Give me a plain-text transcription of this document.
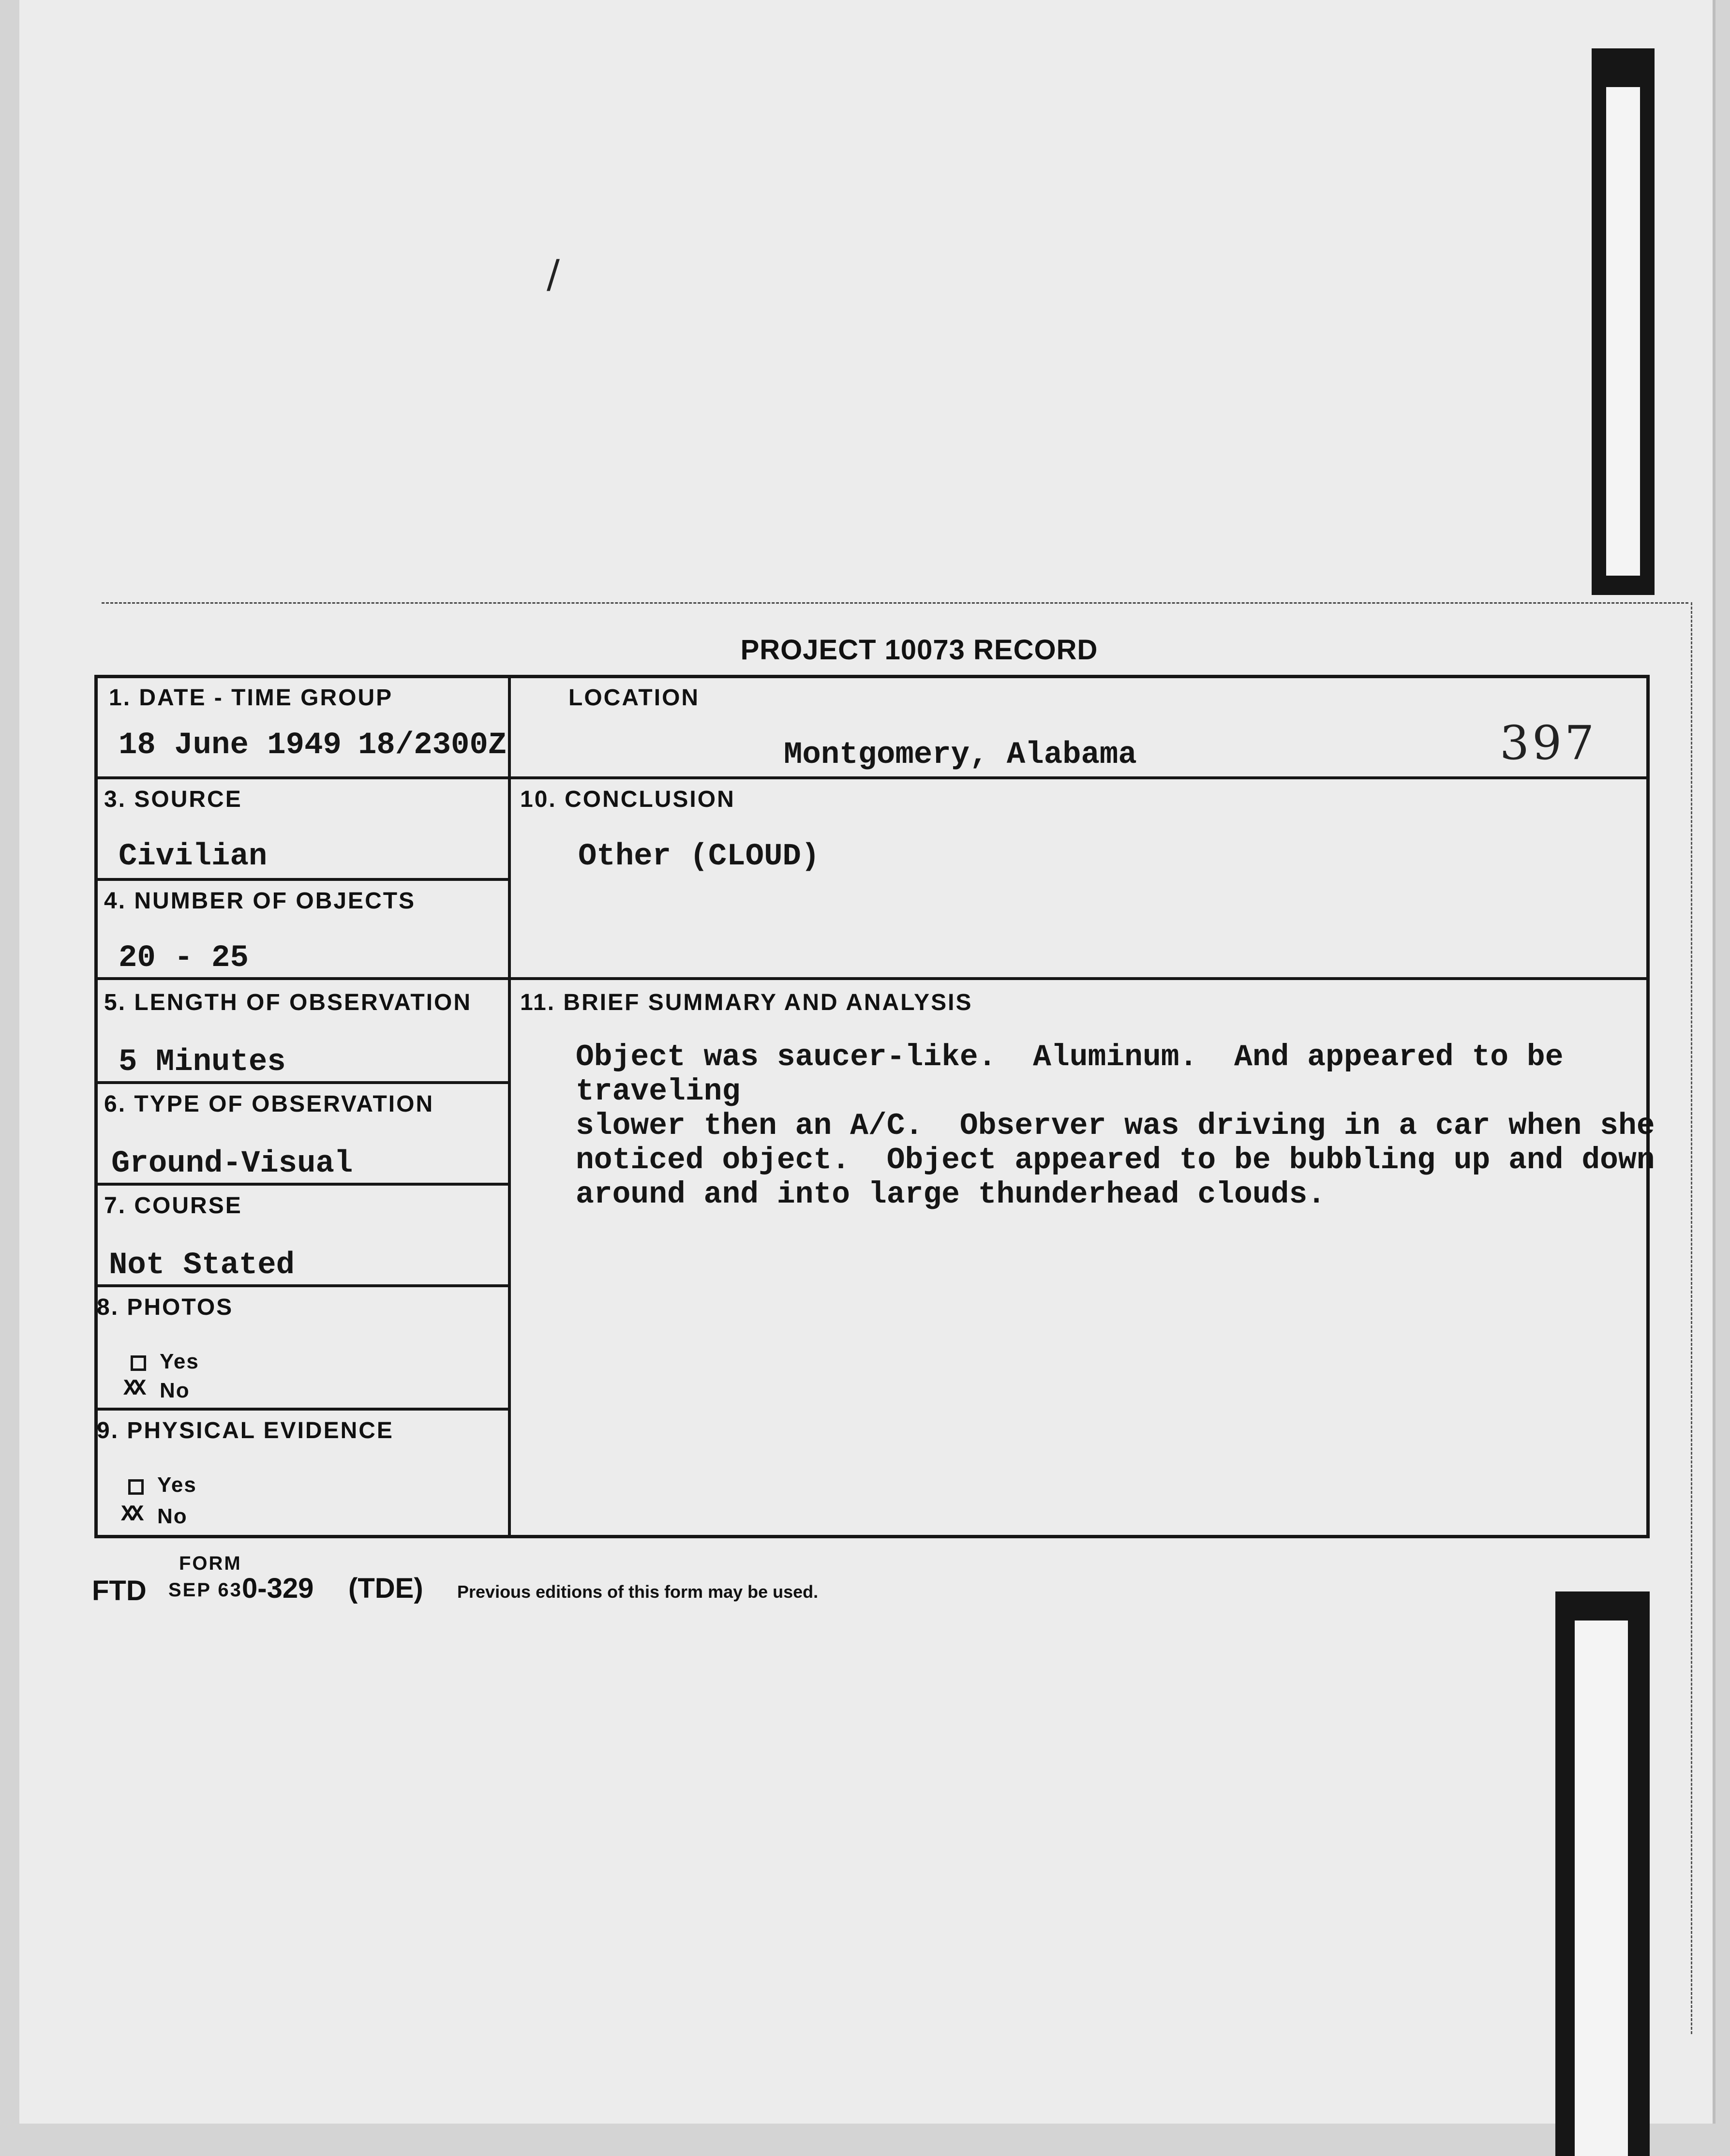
/
PROJECT 10073 RECORD
397
1. DATE - TIME GROUP
18 June 1949 18/2300Z
LOCATION
Montgomery, Alabama
3. SOURCE
Civilian
10. CONCLUSION
Other (CLOUD)
4. NUMBER OF OBJECTS
20 - 25
5. LENGTH OF OBSERVATION
5 Minutes
11. BRIEF SUMMARY AND ANALYSIS
Object was saucer-like.  Aluminum.  And appeared to be traveling
slower then an A/C.  Observer was driving in a car when she
noticed object.  Object appeared to be bubbling up and down
around and into large thunderhead clouds.
6. TYPE OF OBSERVATION
Ground-Visual
7. COURSE
Not Stated
8. PHOTOS
Yes
XX No
9. PHYSICAL EVIDENCE
Yes
XX No
FTD
FORM
SEP 63 0-329 (TDE) Previous editions of this form may be used.
